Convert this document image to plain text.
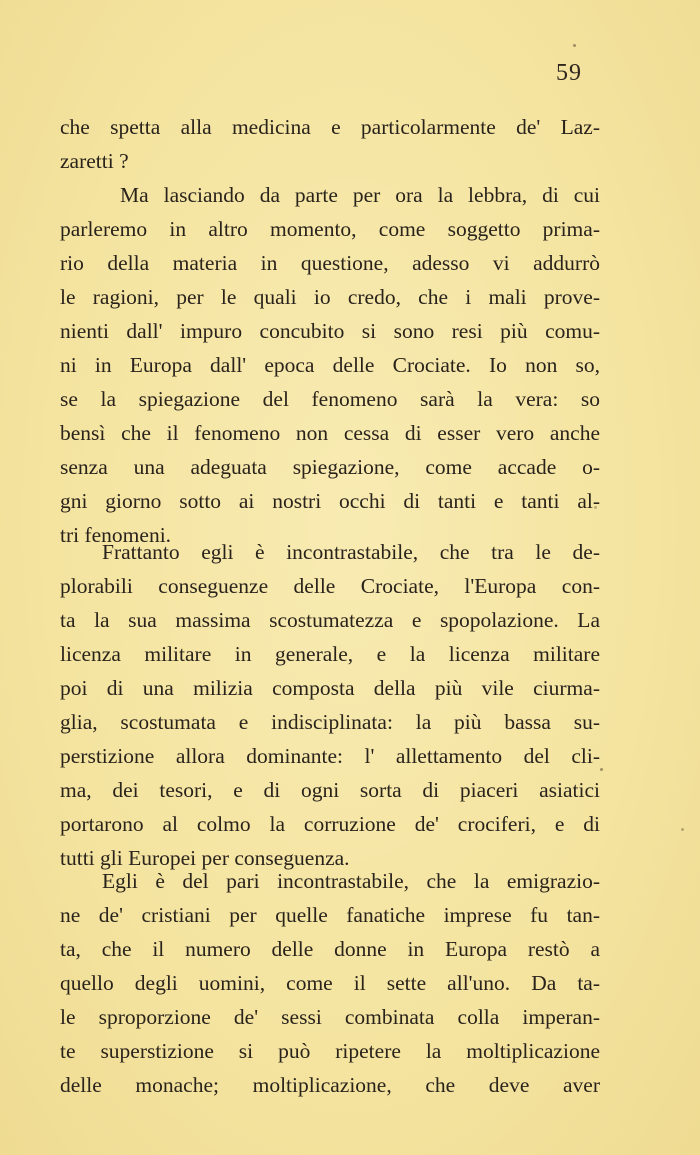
59
che spetta alla medicina e particolarmente de' Laz-
zaretti ?
Ma lasciando da parte per ora la lebbra, di cui
parleremo in altro momento, come soggetto prima-
rio della materia in questione, adesso vi addurrò
le ragioni, per le quali io credo, che i mali prove-
nienti dall' impuro concubito si sono resi più comu-
ni in Europa dall' epoca delle Crociate. Io non so,
se la spiegazione del fenomeno sarà la vera: so
bensì che il fenomeno non cessa di esser vero anche
senza una adeguata spiegazione, come accade o-
gni giorno sotto ai nostri occhi di tanti e tanti al-
tri fenomeni.
Frattanto egli è incontrastabile, che tra le de-
plorabili conseguenze delle Crociate, l'Europa con-
ta la sua massima scostumatezza e spopolazione. La
licenza militare in generale, e la licenza militare
poi di una milizia composta della più vile ciurma-
glia, scostumata e indisciplinata: la più bassa su-
perstizione allora dominante: l' allettamento del cli-
ma, dei tesori, e di ogni sorta di piaceri asiatici
portarono al colmo la corruzione de' crociferi, e di
tutti gli Europei per conseguenza.
Egli è del pari incontrastabile, che la emigrazio-
ne de' cristiani per quelle fanatiche imprese fu tan-
ta, che il numero delle donne in Europa restò a
quello degli uomini, come il sette all'uno. Da ta-
le sproporzione de' sessi combinata colla imperan-
te superstizione si può ripetere la moltiplicazione
delle monache; moltiplicazione, che deve aver
